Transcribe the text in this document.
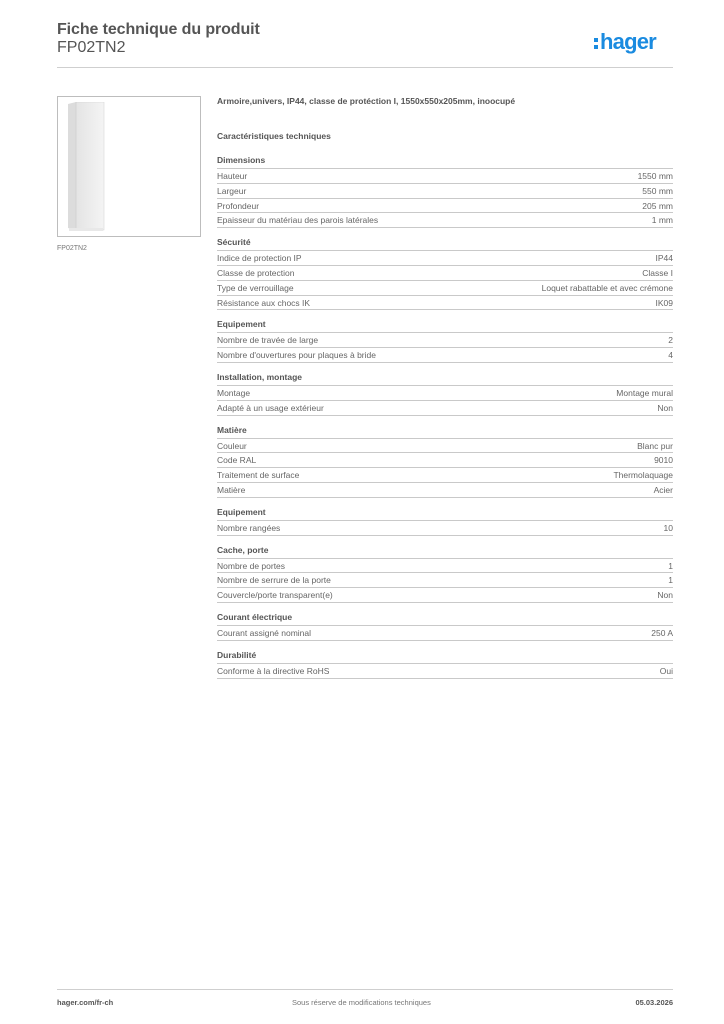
Fiche technique du produit
FP02TN2	hager
FP02TN2
Armoire,univers, IP44, classe de protéction I, 1550x550x205mm, inoocupé
Caractéristiques techniques
Dimensions
Hauteur	1550 mm
Largeur	550 mm
Profondeur	205 mm
Epaisseur du matériau des parois latérales	1 mm
Sécurité
Indice de protection IP	IP44
Classe de protection	Classe I
Type de verrouillage	Loquet rabattable et avec crémone
Résistance aux chocs IK	IK09
Equipement
Nombre de travée de large	2
Nombre d'ouvertures pour plaques à bride	4
Installation, montage
Montage	Montage mural
Adapté à un usage extérieur	Non
Matière
Couleur	Blanc pur
Code RAL	9010
Traitement de surface	Thermolaquage
Matière	Acier
Equipement
Nombre rangées	10
Cache, porte
Nombre de portes	1
Nombre de serrure de la porte	1
Couvercle/porte transparent(e)	Non
Courant électrique
Courant assigné nominal	250 A
Durabilité
Conforme à la directive RoHS	Oui
hager.com/fr-ch	Sous réserve de modifications techniques	05.03.2026
